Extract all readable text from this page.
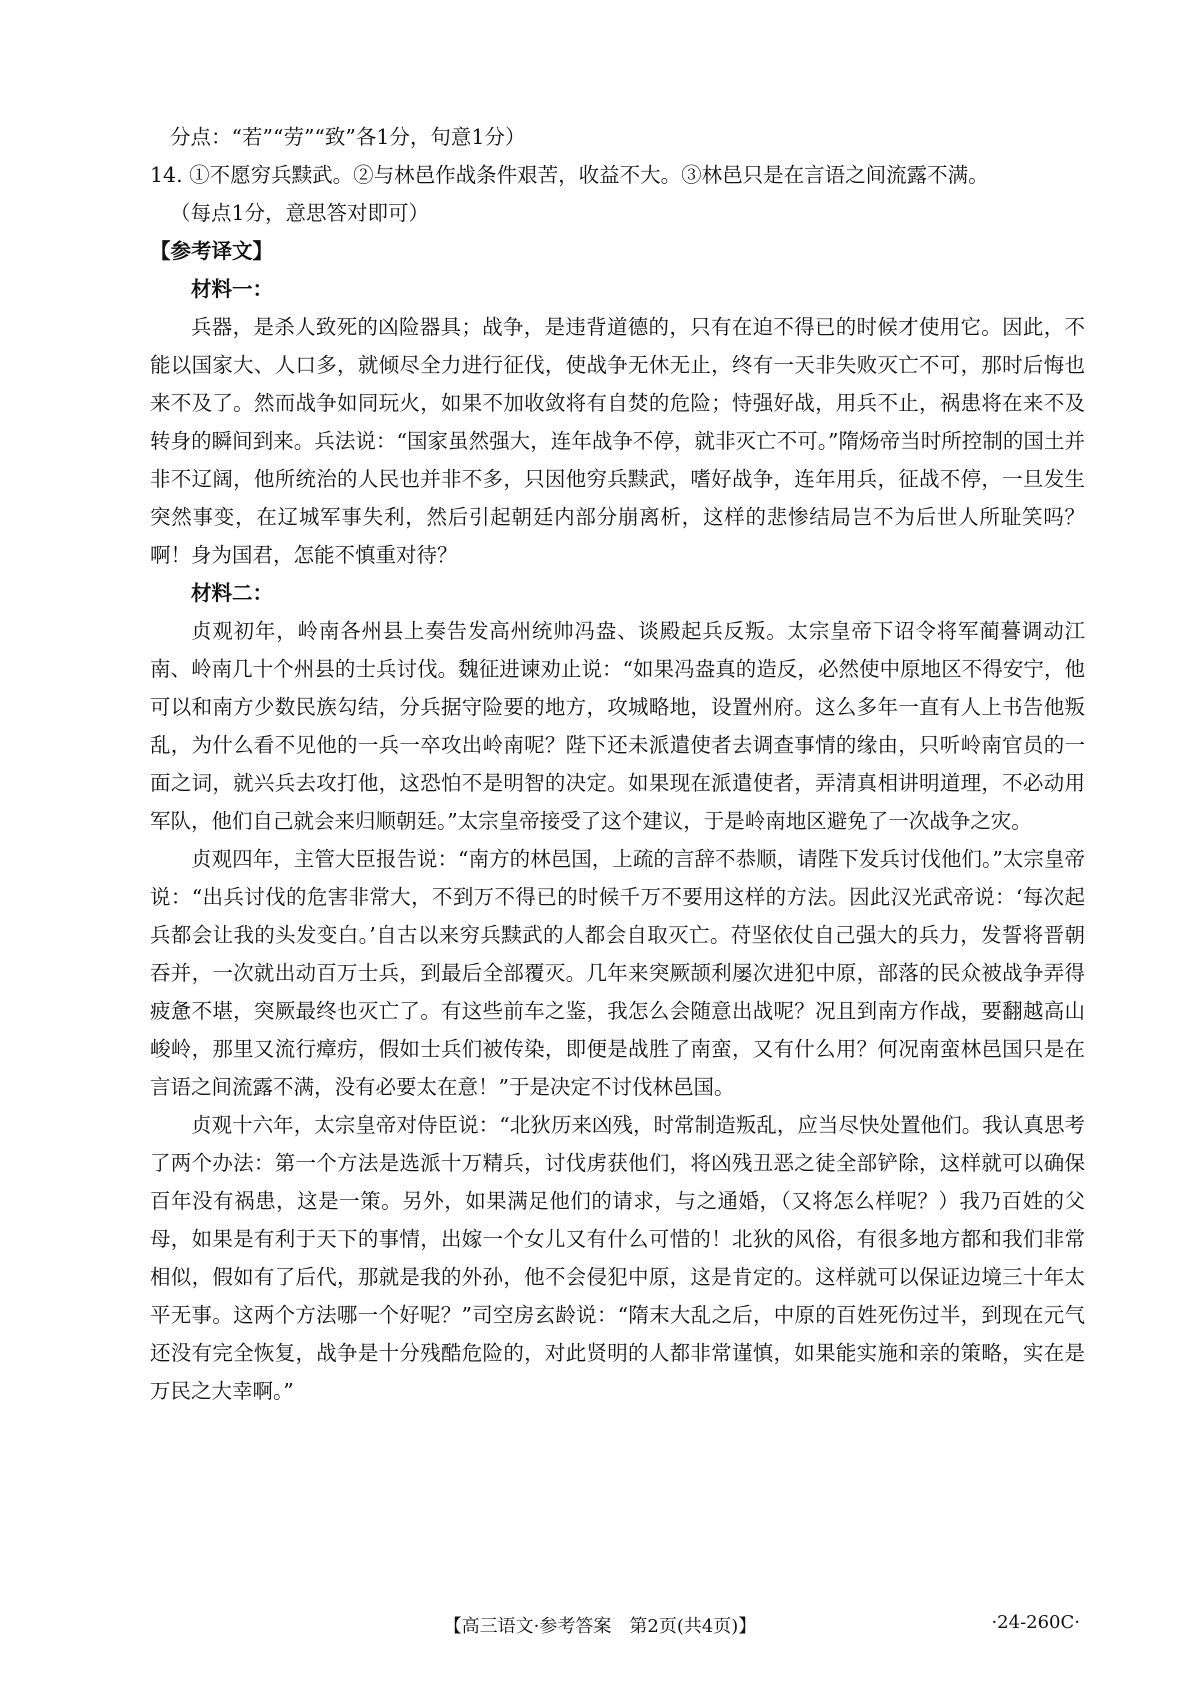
分点：“若”“劳”“致”各1分，句意1分）
14. ①不愿穷兵黩武。②与林邑作战条件艰苦，收益不大。③林邑只是在言语之间流露不满。
（每点1分，意思答对即可）
【参考译文】
材料一：

兵器，是杀人致死的凶险器具；战争，是违背道德的，只有在迫不得已的时候才使用它。因此，不能以国家大、人口多，就倾尽全力进行征伐，使战争无休无止，终有一天非失败灭亡不可，那时后悔也来不及了。然而战争如同玩火，如果不加收敛将有自焚的危险；恃强好战，用兵不止，祸患将在来不及转身的瞬间到来。兵法说：“国家虽然强大，连年战争不停，就非灭亡不可。”隋炀帝当时所控制的国土并非不辽阔，他所统治的人民也并非不多，只因他穷兵黩武，嗜好战争，连年用兵，征战不停，一旦发生突然事变，在辽城军事失利，然后引起朝廷内部分崩离析，这样的悲惨结局岂不为后世人所耻笑吗？啊！身为国君，怎能不慎重对待？

材料二：

贞观初年，岭南各州县上奏告发高州统帅冯盎、谈殿起兵反叛。太宗皇帝下诏令将军蔺謩调动江南、岭南几十个州县的士兵讨伐。魏征进谏劝止说：“如果冯盎真的造反，必然使中原地区不得安宁，他可以和南方少数民族勾结，分兵据守险要的地方，攻城略地，设置州府。这么多年一直有人上书告他叛乱，为什么看不见他的一兵一卒攻出岭南呢？陛下还未派遣使者去调查事情的缘由，只听岭南官员的一面之词，就兴兵去攻打他，这恐怕不是明智的决定。如果现在派遣使者，弄清真相讲明道理，不必动用军队，他们自己就会来归顺朝廷。”太宗皇帝接受了这个建议，于是岭南地区避免了一次战争之灾。

贞观四年，主管大臣报告说：“南方的林邑国，上疏的言辞不恭顺，请陛下发兵讨伐他们。”太宗皇帝说：“出兵讨伐的危害非常大，不到万不得已的时候千万不要用这样的方法。因此汉光武帝说：‘每次起兵都会让我的头发变白。’自古以来穷兵黩武的人都会自取灭亡。苻坚依仗自己强大的兵力，发誓将晋朝吞并，一次就出动百万士兵，到最后全部覆灭。几年来突厥颉利屡次进犯中原，部落的民众被战争弄得疲惫不堪，突厥最终也灭亡了。有这些前车之鉴，我怎么会随意出战呢？况且到南方作战，要翻越高山峻岭，那里又流行瘴疠，假如士兵们被传染，即便是战胜了南蛮，又有什么用？何况南蛮林邑国只是在言语之间流露不满，没有必要太在意！”于是决定不讨伐林邑国。

贞观十六年，太宗皇帝对侍臣说：“北狄历来凶残，时常制造叛乱，应当尽快处置他们。我认真思考了两个办法：第一个方法是选派十万精兵，讨伐虏获他们，将凶残丑恶之徒全部铲除，这样就可以确保百年没有祸患，这是一策。另外，如果满足他们的请求，与之通婚，（又将怎么样呢？）我乃百姓的父母，如果是有利于天下的事情，出嫁一个女儿又有什么可惜的！北狄的风俗，有很多地方都和我们非常相似，假如有了后代，那就是我的外孙，他不会侵犯中原，这是肯定的。这样就可以保证边境三十年太平无事。这两个方法哪一个好呢？”司空房玄龄说：“隋末大乱之后，中原的百姓死伤过半，到现在元气还没有完全恢复，战争是十分残酷危险的，对此贤明的人都非常谨慎，如果能实施和亲的策略，实在是万民之大幸啊。”

【高三语文·参考答案　第2页(共4页)】	·24-260C·
